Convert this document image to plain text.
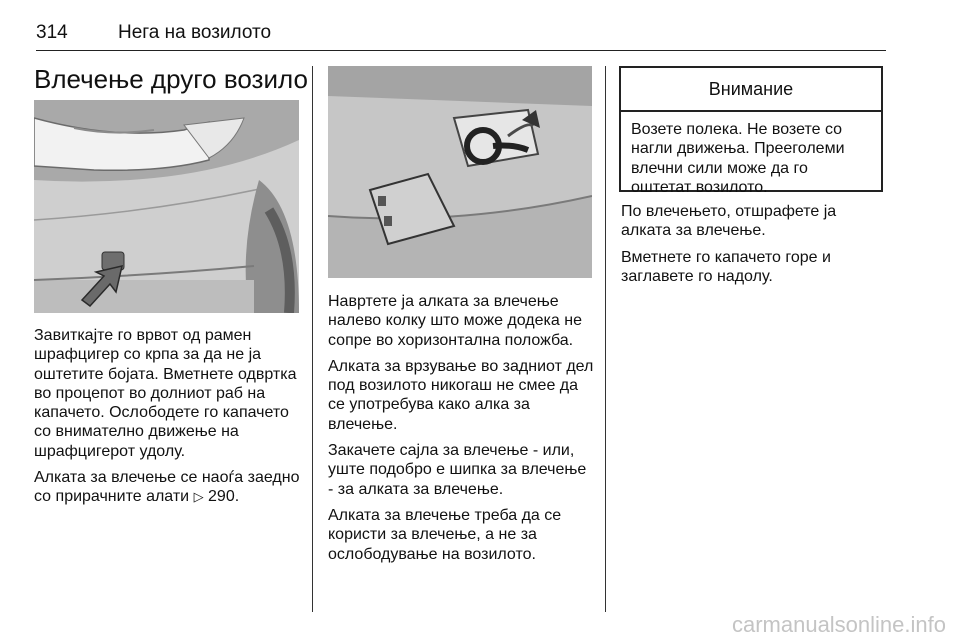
314	Нега на возилото
Влечење друго возило

Завиткајте го врвот од рамен шрафцигер со крпа за да не ја оштетите бојата. Вметнете одвртка во процепот во долниот раб на капачето. Ослободете го капачето со внимателно движење на шрафцигерот удолу.

Алката за влечење се наоѓа заедно со прирачните алати ▷ 290.

Навртете ја алката за влечење налево колку што може додека не сопре во хоризонтална положба.

Алката за врзување во задниот дел под возилото никогаш не смее да се употребува како алка за влечење.

Закачете сајла за влечење - или, уште подобро е шипка за влечење - за алката за влечење.

Алката за влечење треба да се користи за влечење, а не за ослободување на возилото.

Внимание
Возете полека. Не возете со нагли движења. Прееголеми влечни сили може да го оштетат возилото.

По влечењето, отшрафете ја алката за влечење.

Вметнете го капачето горе и заглавете го надолу.

carmanualsonline.info
